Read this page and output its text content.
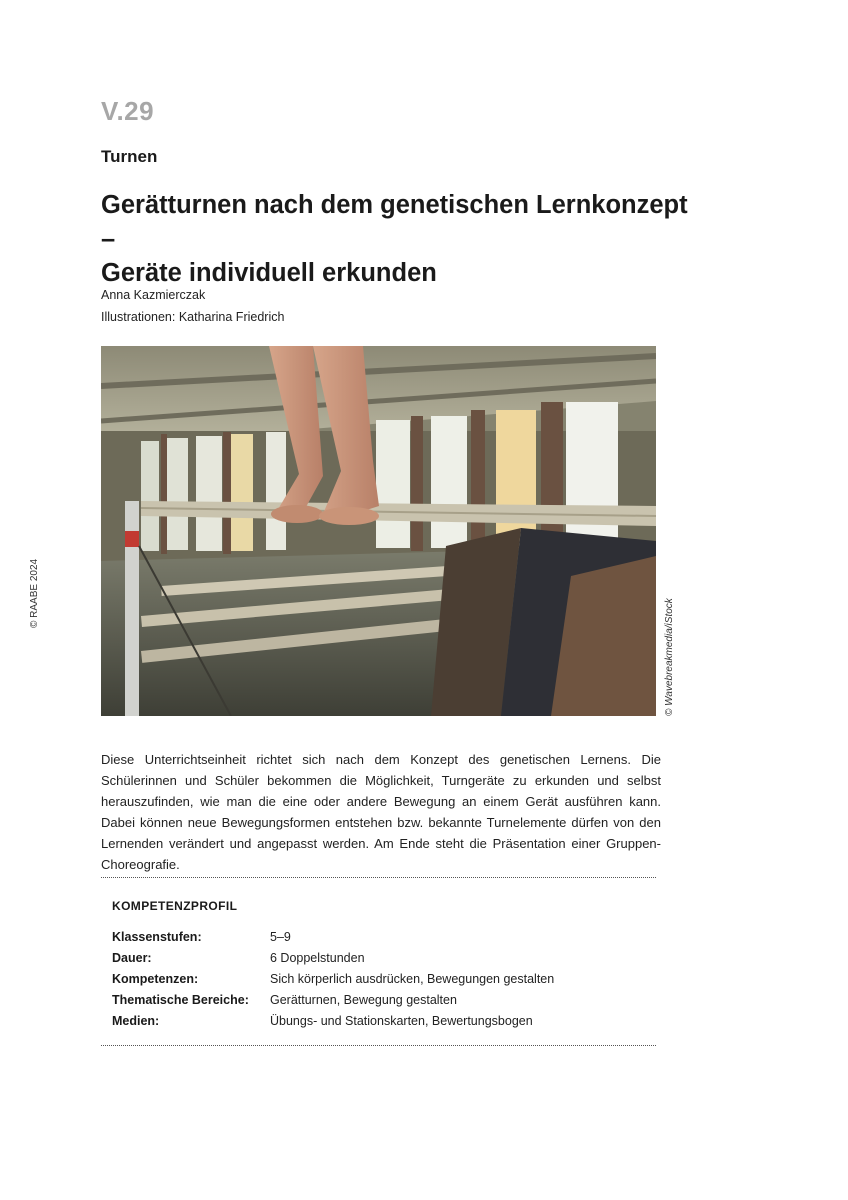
V.29
Turnen
Gerätturnen nach dem genetischen Lernkonzept –
Geräte individuell erkunden
Anna Kazmierczak
Illustrationen: Katharina Friedrich
© RAABE 2024
© Wavebreakmedia/iStock
Diese Unterrichtseinheit richtet sich nach dem Konzept des genetischen Lernens. Die Schülerinnen und Schüler bekommen die Möglichkeit, Turngeräte zu erkunden und selbst herauszufinden, wie man die eine oder andere Bewegung an einem Gerät ausführen kann. Dabei können neue Bewegungsformen entstehen bzw. bekannte Turnelemente dürfen von den Lernenden verändert und angepasst werden. Am Ende steht die Präsentation einer Gruppen-Choreografie.
KOMPETENZPROFIL
Klassenstufen:	5–9
Dauer:	6 Doppelstunden
Kompetenzen:	Sich körperlich ausdrücken, Bewegungen gestalten
Thematische Bereiche: Gerätturnen, Bewegung gestalten
Medien:	Übungs- und Stationskarten, Bewertungsbogen
